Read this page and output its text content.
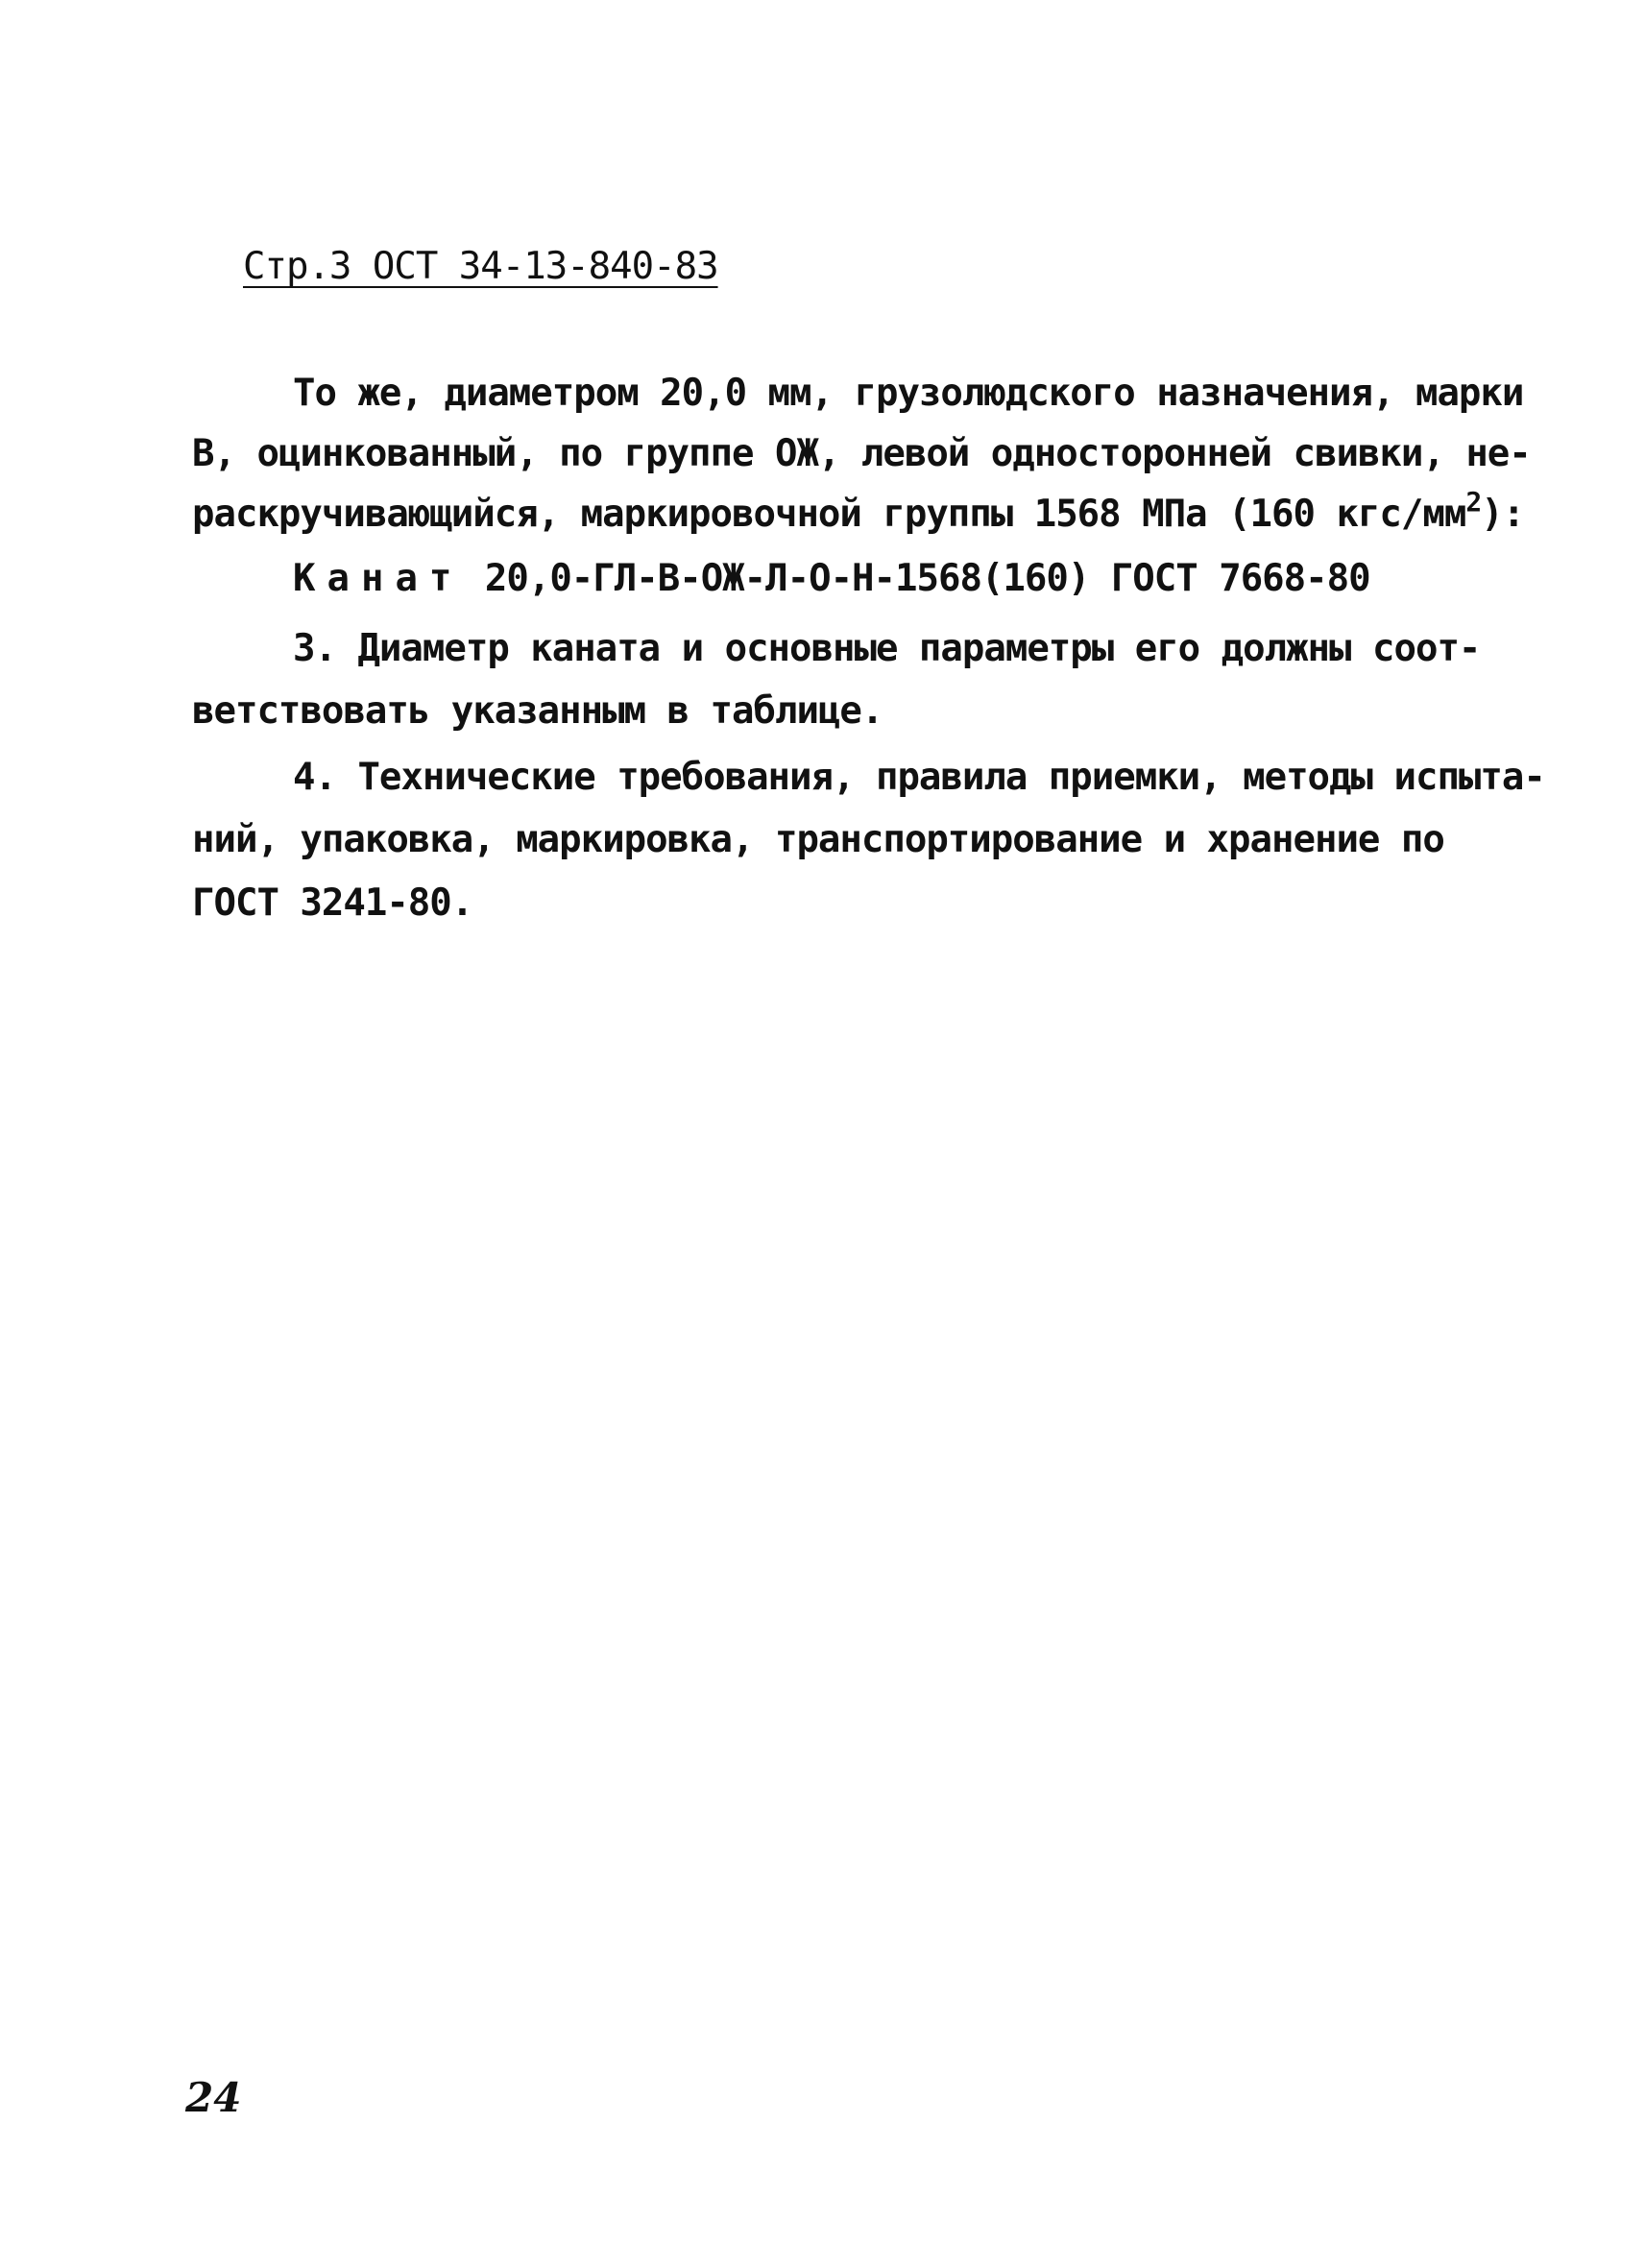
Стр.3 ОСТ 34-13-840-83
То же, диаметром 20,0 мм, грузолюдского назначения, марки
В, оцинкованный, по группе ОЖ, левой односторонней свивки, не-
раскручивающийся, маркировочной группы 1568 МПа (160 кгс/$мм^2$):
Канат 20,0-ГЛ-В-ОЖ-Л-О-Н-1568(160) ГОСТ 7668-80
3. Диаметр каната и основные параметры его должны соот-
ветствовать указанным в таблице.
4. Технические требования, правила приемки, методы испыта-
ний, упаковка, маркировка, транспортирование и хранение по
ГОСТ 3241-80.
24
